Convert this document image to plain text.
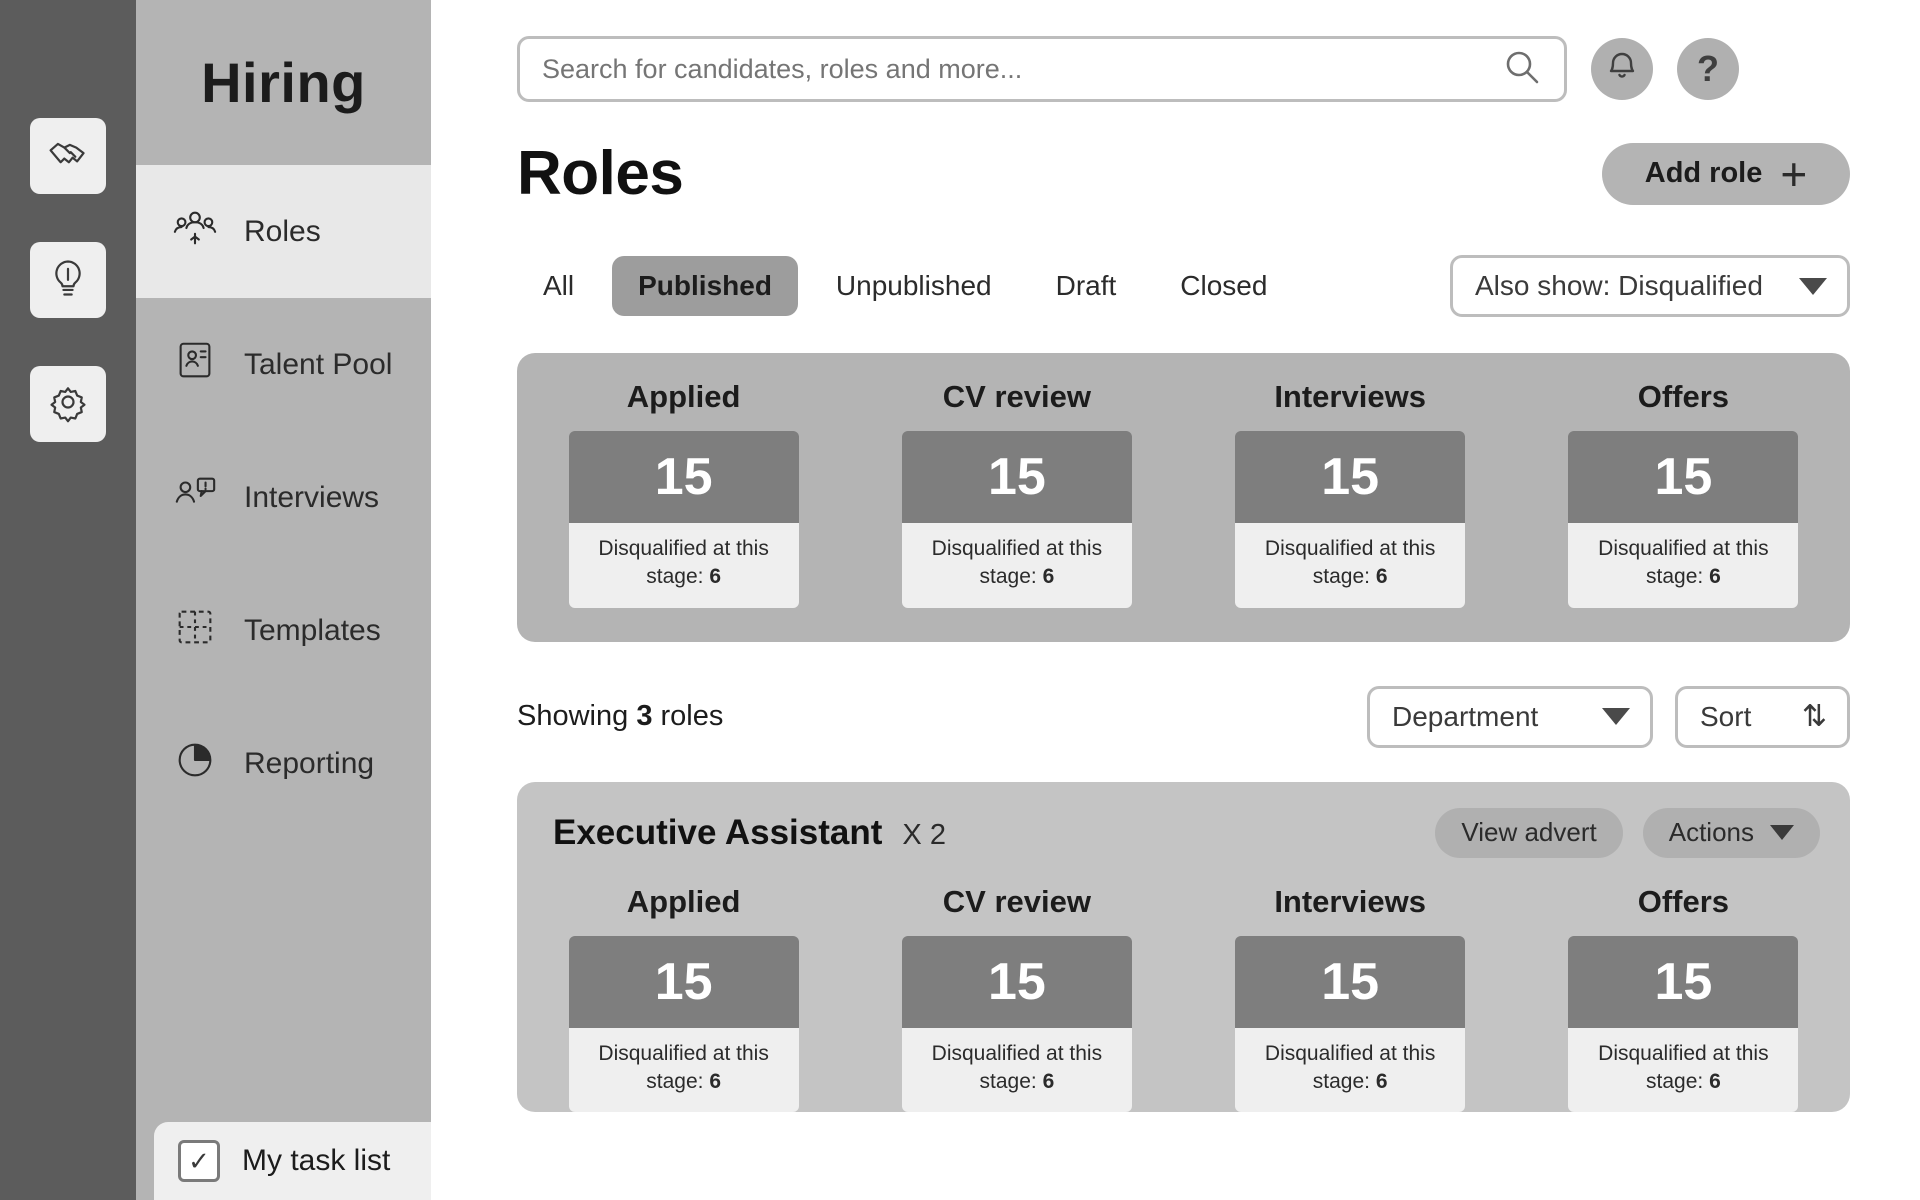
Hiring
Roles
Talent Pool
Interviews
Templates
Reporting
✓	My task list
Search for candidates, roles and more...
?
Roles	Add role +
All	Published	Unpublished	Draft	Closed	Also show: Disqualified
Applied
15
Disqualified at this stage: 6
CV review
15
Disqualified at this stage: 6
Interviews
15
Disqualified at this stage: 6
Offers
15
Disqualified at this stage: 6
Showing 3 roles	Department	Sort ⇅
Executive Assistant X 2	View advert	Actions
Applied
15
Disqualified at this stage: 6
CV review
15
Disqualified at this stage: 6
Interviews
15
Disqualified at this stage: 6
Offers
15
Disqualified at this stage: 6
